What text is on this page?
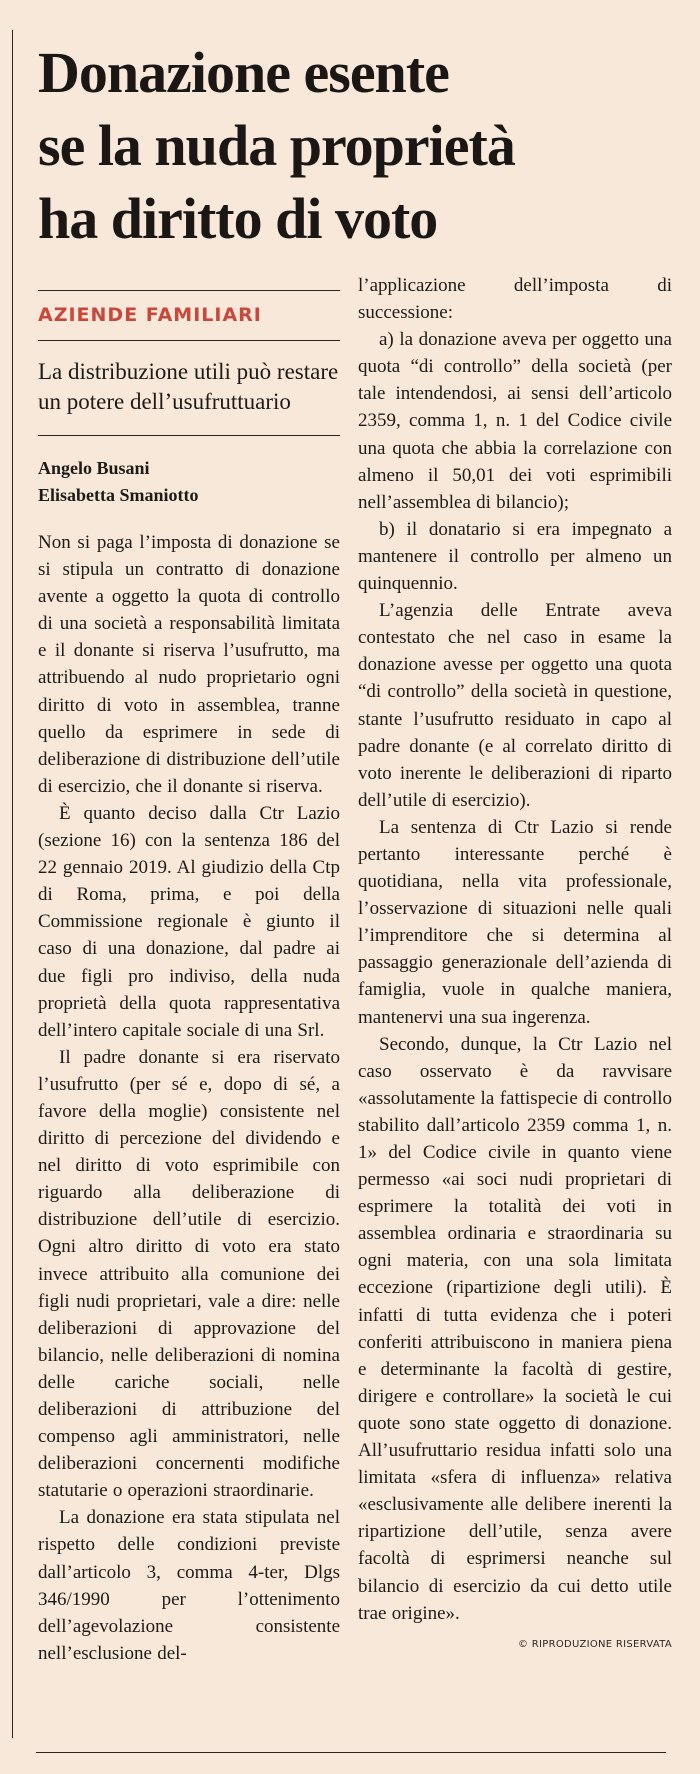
Donazione esente
se la nuda proprietà
ha diritto di voto
AZIENDE FAMILIARI
La distribuzione utili può restare un potere dell’usufruttuario
Angelo Busani
Elisabetta Smaniotto

Non si paga l’imposta di donazione se si stipula un contratto di donazione avente a oggetto la quota di controllo di una società a responsabilità limitata e il donante si riserva l’usufrutto, ma attribuendo al nudo proprietario ogni diritto di voto in assemblea, tranne quello da esprimere in sede di deliberazione di distribuzione dell’utile di esercizio, che il donante si riserva.

È quanto deciso dalla Ctr Lazio (sezione 16) con la sentenza 186 del 22 gennaio 2019. Al giudizio della Ctp di Roma, prima, e poi della Commissione regionale è giunto il caso di una donazione, dal padre ai due figli pro indiviso, della nuda proprietà della quota rappresentativa dell’intero capitale sociale di una Srl.

Il padre donante si era riservato l’usufrutto (per sé e, dopo di sé, a favore della moglie) consistente nel diritto di percezione del dividendo e nel diritto di voto esprimibile con riguardo alla deliberazione di distribuzione dell’utile di esercizio. Ogni altro diritto di voto era stato invece attribuito alla comunione dei figli nudi proprietari, vale a dire: nelle deliberazioni di approvazione del bilancio, nelle deliberazioni di nomina delle cariche sociali, nelle deliberazioni di attribuzione del compenso agli amministratori, nelle deliberazioni concernenti modifiche statutarie o operazioni straordinarie.

La donazione era stata stipulata nel rispetto delle condizioni previste dall’articolo 3, comma 4-ter, Dlgs 346/1990 per l’ottenimento dell’agevolazione consistente nell’esclusione del-

l’applicazione dell’imposta di successione:

a) la donazione aveva per oggetto una quota “di controllo” della società (per tale intendendosi, ai sensi dell’articolo 2359, comma 1, n. 1 del Codice civile una quota che abbia la correlazione con almeno il 50,01 dei voti esprimibili nell’assemblea di bilancio);

b) il donatario si era impegnato a mantenere il controllo per almeno un quinquennio.

L’agenzia delle Entrate aveva contestato che nel caso in esame la donazione avesse per oggetto una quota “di controllo” della società in questione, stante l’usufrutto residuato in capo al padre donante (e al correlato diritto di voto inerente le deliberazioni di riparto dell’utile di esercizio).

La sentenza di Ctr Lazio si rende pertanto interessante perché è quotidiana, nella vita professionale, l’osservazione di situazioni nelle quali l’imprenditore che si determina al passaggio generazionale dell’azienda di famiglia, vuole in qualche maniera, mantenervi una sua ingerenza.

Secondo, dunque, la Ctr Lazio nel caso osservato è da ravvisare «assolutamente la fattispecie di controllo stabilito dall’articolo 2359 comma 1, n. 1» del Codice civile in quanto viene permesso «ai soci nudi proprietari di esprimere la totalità dei voti in assemblea ordinaria e straordinaria su ogni materia, con una sola limitata eccezione (ripartizione degli utili). È infatti di tutta evidenza che i poteri conferiti attribuiscono in maniera piena e determinante la facoltà di gestire, dirigere e controllare» la società le cui quote sono state oggetto di donazione. All’usufruttario residua infatti solo una limitata «sfera di influenza» relativa «esclusivamente alle delibere inerenti la ripartizione dell’utile, senza avere facoltà di esprimersi neanche sul bilancio di esercizio da cui detto utile trae origine».

© RIPRODUZIONE RISERVATA
